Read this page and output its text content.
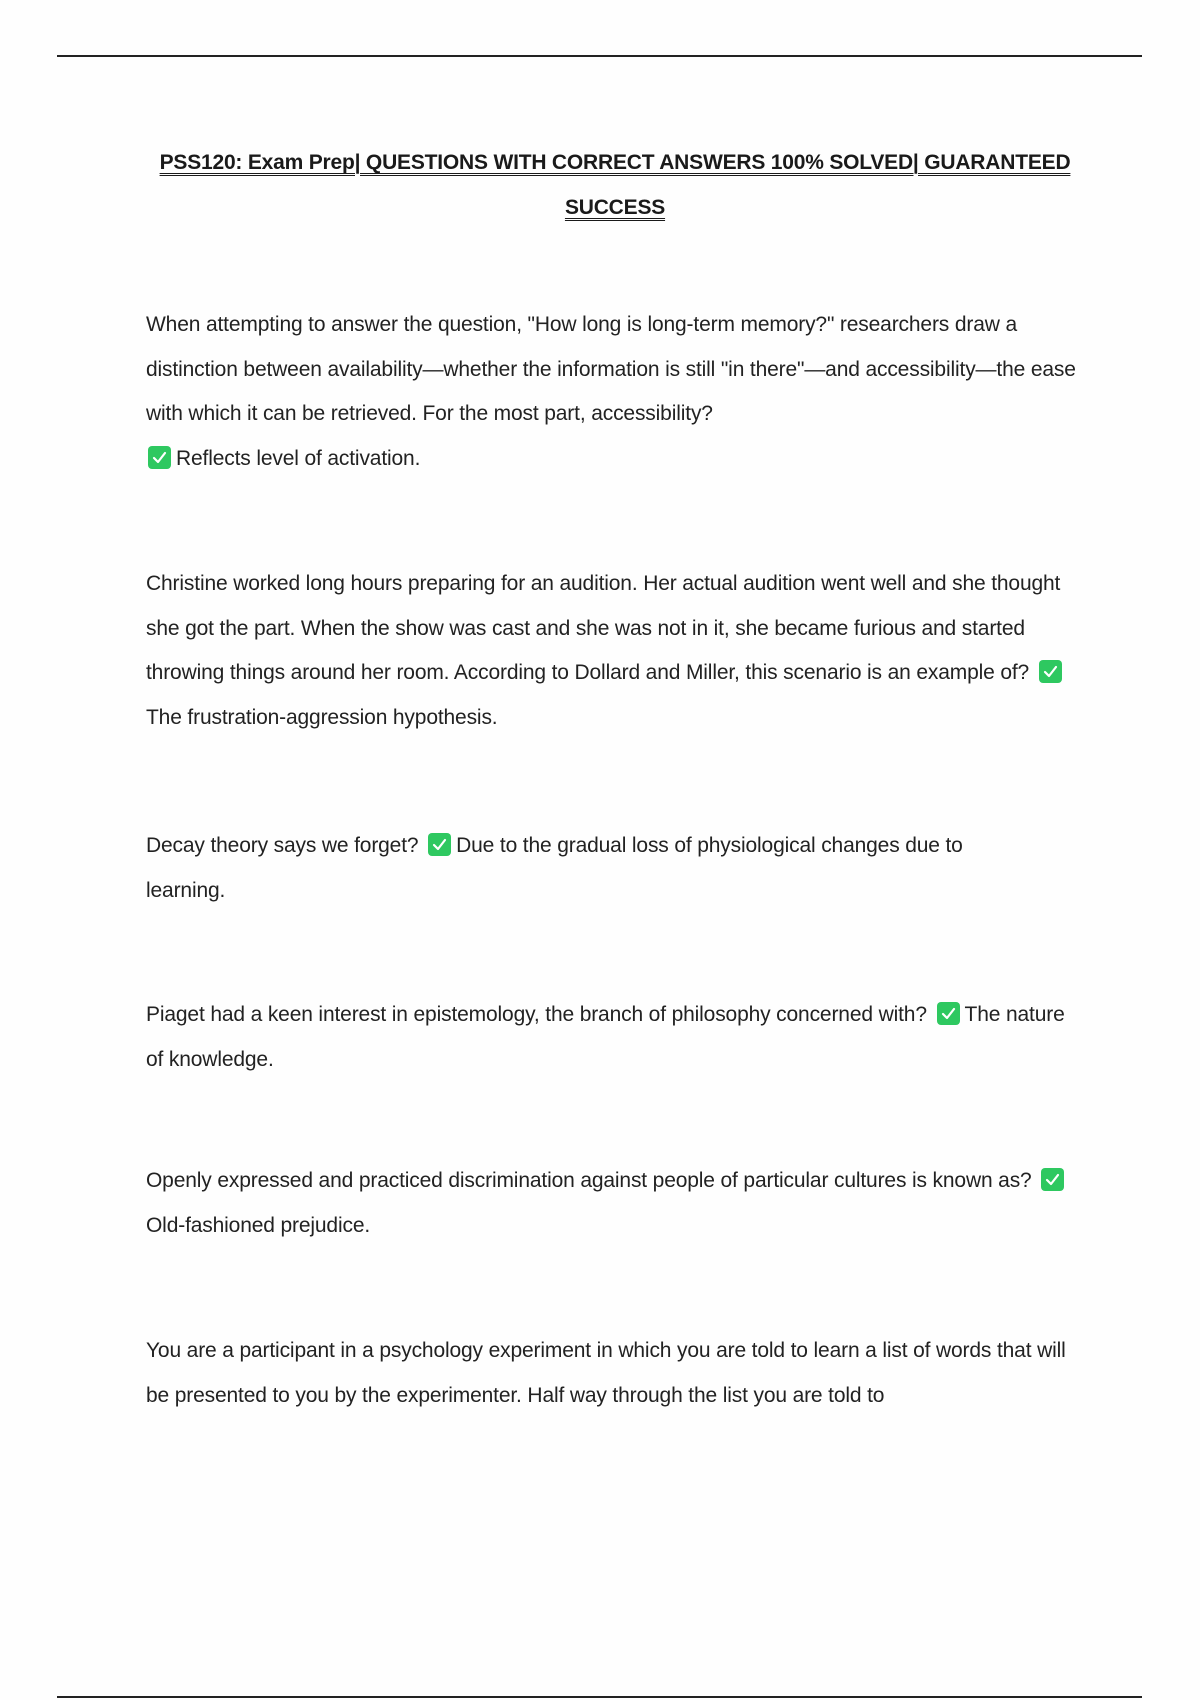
PSS120: Exam Prep| QUESTIONS WITH CORRECT ANSWERS 100% SOLVED| GUARANTEED SUCCESS
When attempting to answer the question, "How long is long-term memory?" researchers draw a distinction between availability—whether the information is still "in there"—and accessibility—the ease with which it can be retrieved. For the most part, accessibility?

Reflects level of activation.
Christine worked long hours preparing for an audition. Her actual audition went well and she thought she got the part. When the show was cast and she was not in it, she became furious and started throwing things around her room. According to Dollard and Miller, this scenario is an example of?
The frustration-aggression hypothesis.
Decay theory says we forget? Due to the gradual loss of physiological changes due to learning.
Piaget had a keen interest in epistemology, the branch of philosophy concerned with? The nature of knowledge.
Openly expressed and practiced discrimination against people of particular cultures is known as?
Old-fashioned prejudice.
You are a participant in a psychology experiment in which you are told to learn a list of words that will be presented to you by the experimenter. Half way through the list you are told to
